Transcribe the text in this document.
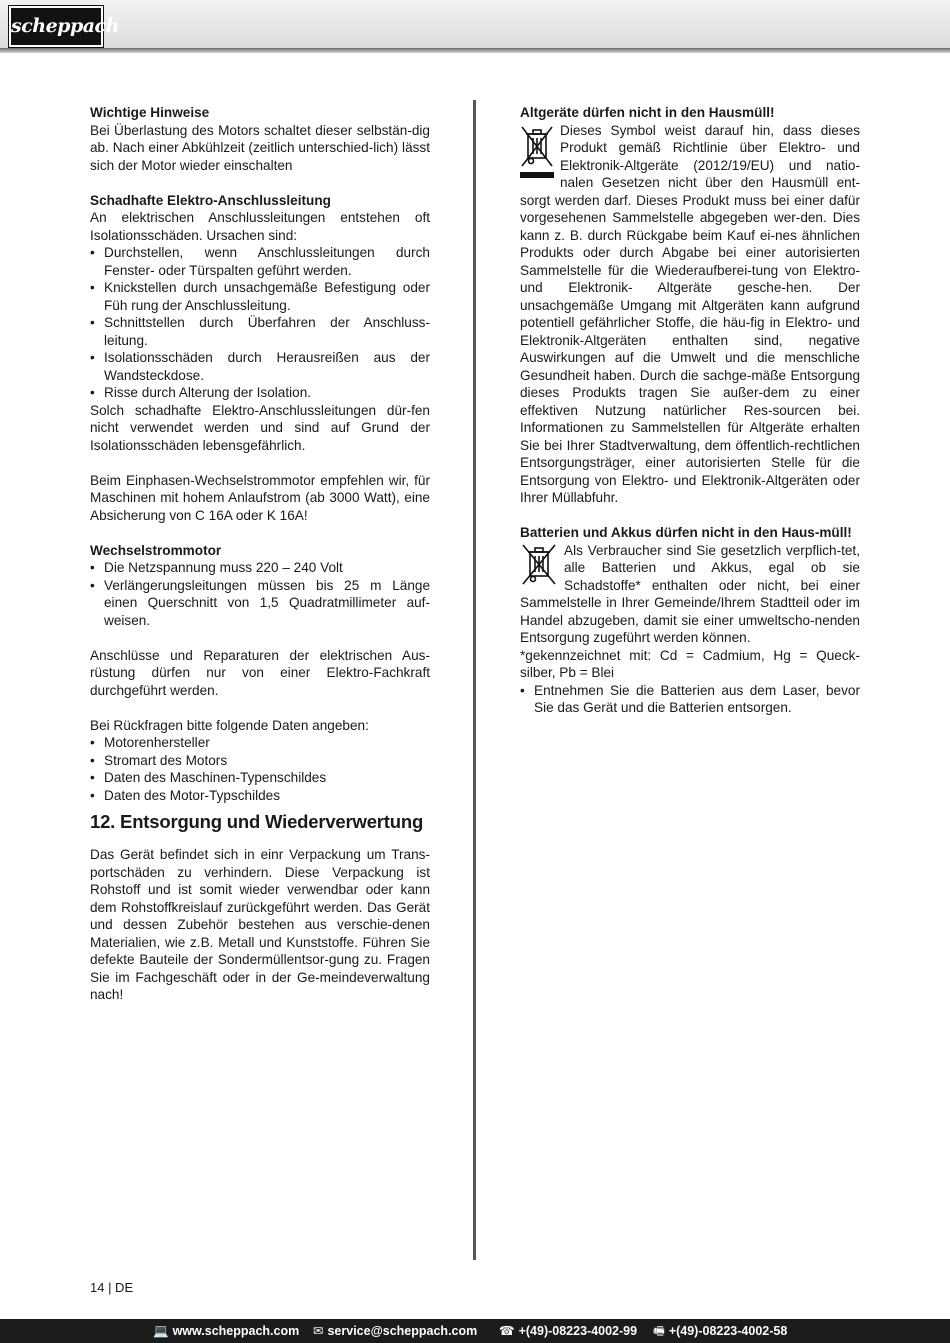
scheppach

Wichtige Hinweise

Bei Überlastung des Motors schaltet dieser selbstän-dig ab. Nach einer Abkühlzeit (zeitlich unterschied-lich) lässt sich der Motor wieder einschalten

Schadhafte Elektro-Anschlussleitung

An elektrischen Anschlussleitungen entstehen oft Isolationsschäden. Ursachen sind:

• Durchstellen, wenn Anschlussleitungen durch Fenster- oder Türspalten geführt werden.
• Knickstellen durch unsachgemäße Befestigung oder Füh rung der Anschlussleitung.
• Schnittstellen durch Überfahren der Anschluss-leitung.
• Isolationsschäden durch Herausreißen aus der Wandsteckdose.
• Risse durch Alterung der Isolation.

Solch schadhafte Elektro-Anschlussleitungen dür-fen nicht verwendet werden und sind auf Grund der Isolationsschäden lebensgefährlich.

Beim Einphasen-Wechselstrommotor empfehlen wir, für Maschinen mit hohem Anlaufstrom (ab 3000 Watt), eine Absicherung von C 16A oder K 16A!

Wechselstrommotor

• Die Netzspannung muss 220 – 240 Volt
• Verlängerungsleitungen müssen bis 25 m Länge einen Querschnitt von 1,5 Quadratmillimeter auf-weisen.

Anschlüsse und Reparaturen der elektrischen Aus-rüstung dürfen nur von einer Elektro-Fachkraft durchgeführt werden.

Bei Rückfragen bitte folgende Daten angeben:

• Motorenhersteller
• Stromart des Motors
• Daten des Maschinen-Typenschildes
• Daten des Motor-Typschildes

12. Entsorgung und Wiederverwertung

Das Gerät befindet sich in einr Verpackung um Trans-portschäden zu verhindern. Diese Verpackung ist Rohstoff und ist somit wieder verwendbar oder kann dem Rohstoffkreislauf zurückgeführt werden. Das Gerät und dessen Zubehör bestehen aus verschie-denen Materialien, wie z.B. Metall und Kunststoffe. Führen Sie defekte Bauteile der Sondermüllentsor-gung zu. Fragen Sie im Fachgeschäft oder in der Ge-meindeverwaltung nach!

Altgeräte dürfen nicht in den Hausmüll!

Dieses Symbol weist darauf hin, dass dieses Produkt gemäß Richtlinie über Elektro- und Elektronik-Altgeräte (2012/19/EU) und natio-nalen Gesetzen nicht über den Hausmüll ent-sorgt werden darf. Dieses Produkt muss bei einer dafür vorgesehenen Sammelstelle abgegeben wer-den. Dies kann z. B. durch Rückgabe beim Kauf ei-nes ähnlichen Produkts oder durch Abgabe bei einer autorisierten Sammelstelle für die Wiederaufberei-tung von Elektro- und Elektronik- Altgeräte gesche-hen. Der unsachgemäße Umgang mit Altgeräten kann aufgrund potentiell gefährlicher Stoffe, die häu-fig in Elektro- und Elektronik-Altgeräten enthalten sind, negative Auswirkungen auf die Umwelt und die menschliche Gesundheit haben. Durch die sachge-mäße Entsorgung dieses Produkts tragen Sie außer-dem zu einer effektiven Nutzung natürlicher Res-sourcen bei. Informationen zu Sammelstellen für Altgeräte erhalten Sie bei Ihrer Stadtverwaltung, dem öffentlich-rechtlichen Entsorgungsträger, einer autorisierten Stelle für die Entsorgung von Elektro- und Elektronik-Altgeräten oder Ihrer Müllabfuhr.

Batterien und Akkus dürfen nicht in den Haus-müll!

Als Verbraucher sind Sie gesetzlich verpflich-tet, alle Batterien und Akkus, egal ob sie Schadstoffe* enthalten oder nicht, bei einer Sammelstelle in Ihrer Gemeinde/Ihrem Stadtteil oder im Handel abzugeben, damit sie einer umweltscho-nenden Entsorgung zugeführt werden können.

*gekennzeichnet mit: Cd = Cadmium, Hg = Queck-silber, Pb = Blei

• Entnehmen Sie die Batterien aus dem Laser, bevor Sie das Gerät und die Batterien entsorgen.
14 | DE
💻 www.scheppach.com ✉ service@scheppach.com ☎ +(49)-08223-4002-99 🖷 +(49)-08223-4002-58
